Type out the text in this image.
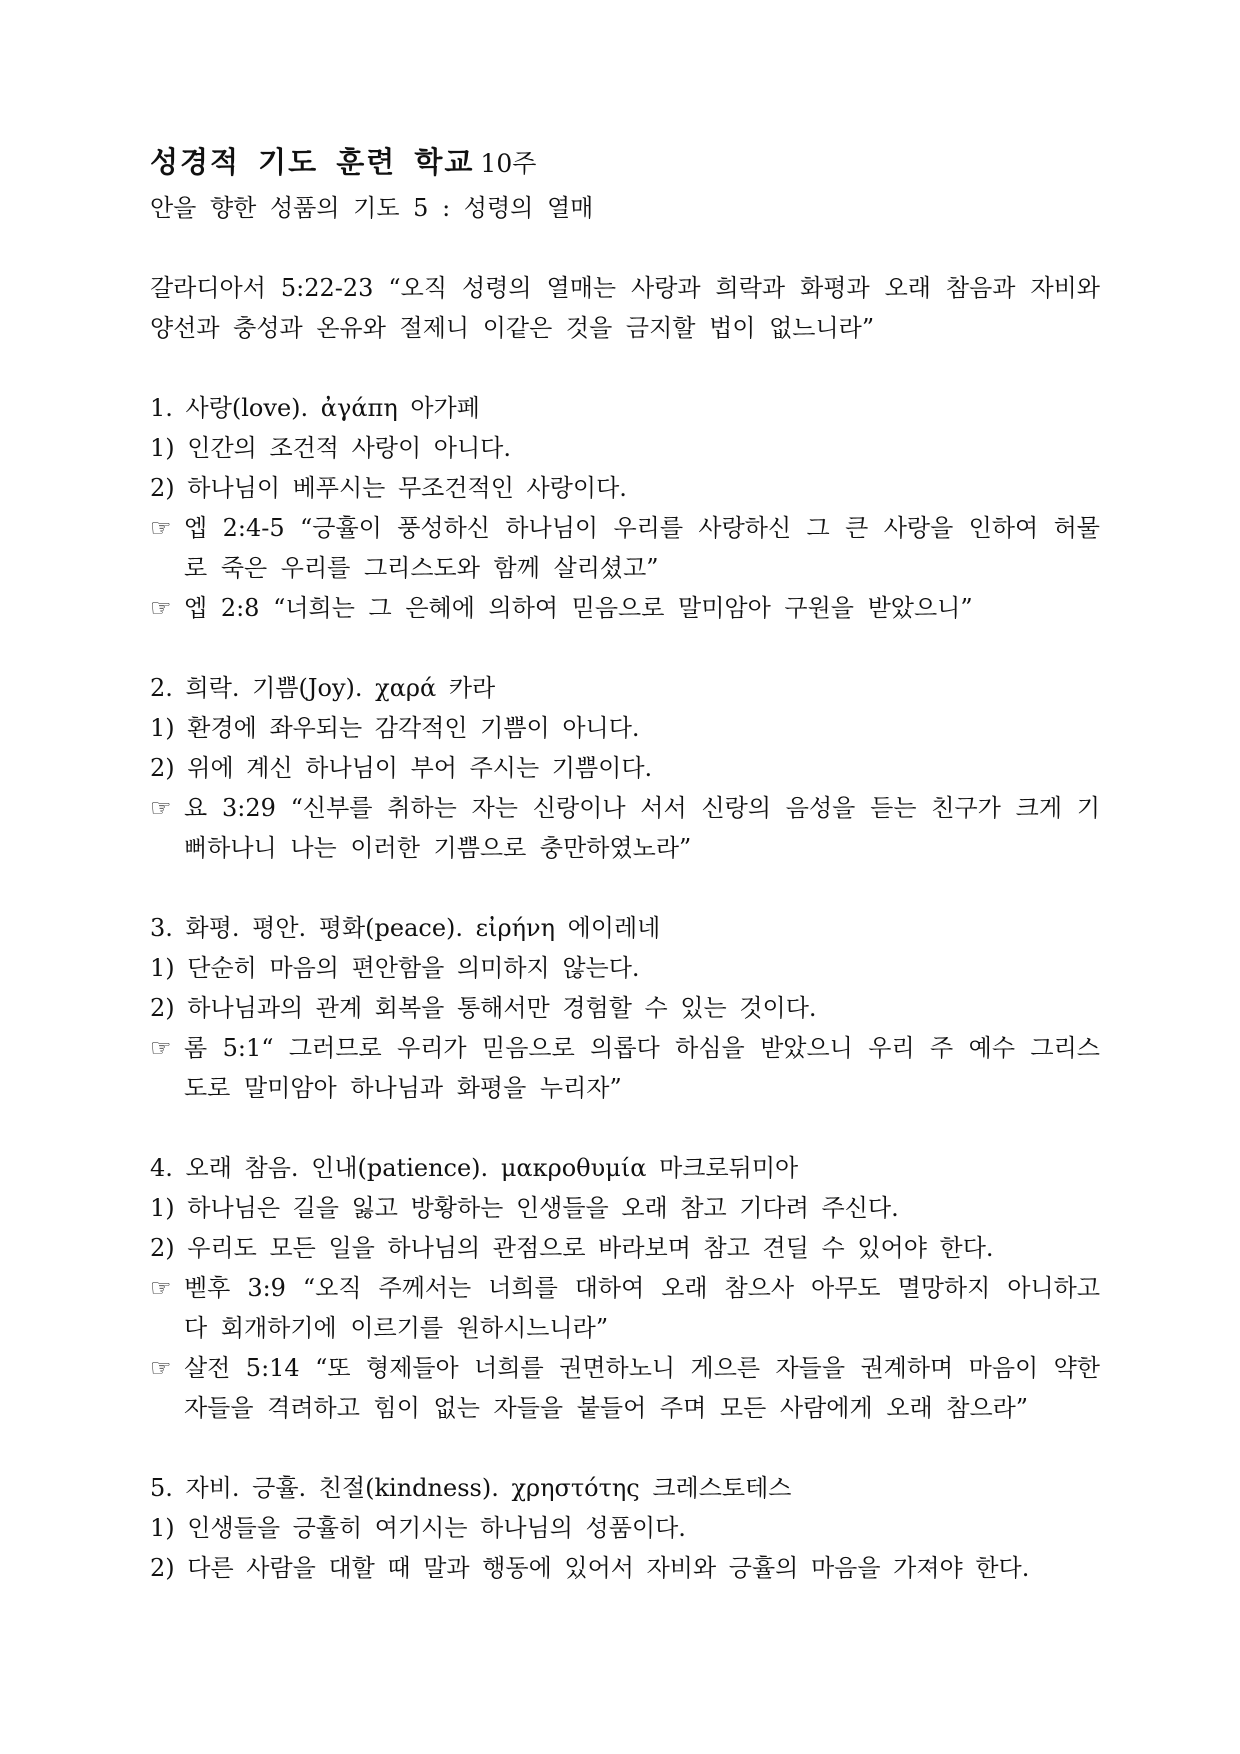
성경적 기도 훈련 학교 10주
안을 향한 성품의 기도 5 : 성령의 열매
갈라디아서 5:22-23 “오직 성령의 열매는 사랑과 희락과 화평과 오래 참음과 자비와 양선과 충성과 온유와 절제니 이같은 것을 금지할 법이 없느니라”
1. 사랑(love). ἀγάπη 아가페
1) 인간의 조건적 사랑이 아니다.
2) 하나님이 베푸시는 무조건적인 사랑이다.
☞ 엡 2:4-5 “긍휼이 풍성하신 하나님이 우리를 사랑하신 그 큰 사랑을 인하여 허물로 죽은 우리를 그리스도와 함께 살리셨고”
☞ 엡 2:8 “너희는 그 은혜에 의하여 믿음으로 말미암아 구원을 받았으니”
2. 희락. 기쁨(Joy). χαρά 카라
1) 환경에 좌우되는 감각적인 기쁨이 아니다.
2) 위에 계신 하나님이 부어 주시는 기쁨이다.
☞ 요 3:29 “신부를 취하는 자는 신랑이나 서서 신랑의 음성을 듣는 친구가 크게 기뻐하나니 나는 이러한 기쁨으로 충만하였노라”
3. 화평. 평안. 평화(peace). εἰρήνη 에이레네
1) 단순히 마음의 편안함을 의미하지 않는다.
2) 하나님과의 관계 회복을 통해서만 경험할 수 있는 것이다.
☞ 롬 5:1“ 그러므로 우리가 믿음으로 의롭다 하심을 받았으니 우리 주 예수 그리스도로 말미암아 하나님과 화평을 누리자”
4. 오래 참음. 인내(patience). μακροθυμία 마크로뒤미아
1) 하나님은 길을 잃고 방황하는 인생들을 오래 참고 기다려 주신다.
2) 우리도 모든 일을 하나님의 관점으로 바라보며 참고 견딜 수 있어야 한다.
☞ 벧후 3:9 “오직 주께서는 너희를 대하여 오래 참으사 아무도 멸망하지 아니하고 다 회개하기에 이르기를 원하시느니라”
☞ 살전 5:14 “또 형제들아 너희를 권면하노니 게으른 자들을 권계하며 마음이 약한 자들을 격려하고 힘이 없는 자들을 붙들어 주며 모든 사람에게 오래 참으라”
5. 자비. 긍휼. 친절(kindness). χρηστότης 크레스토테스
1) 인생들을 긍휼히 여기시는 하나님의 성품이다.
2) 다른 사람을 대할 때 말과 행동에 있어서 자비와 긍휼의 마음을 가져야 한다.
